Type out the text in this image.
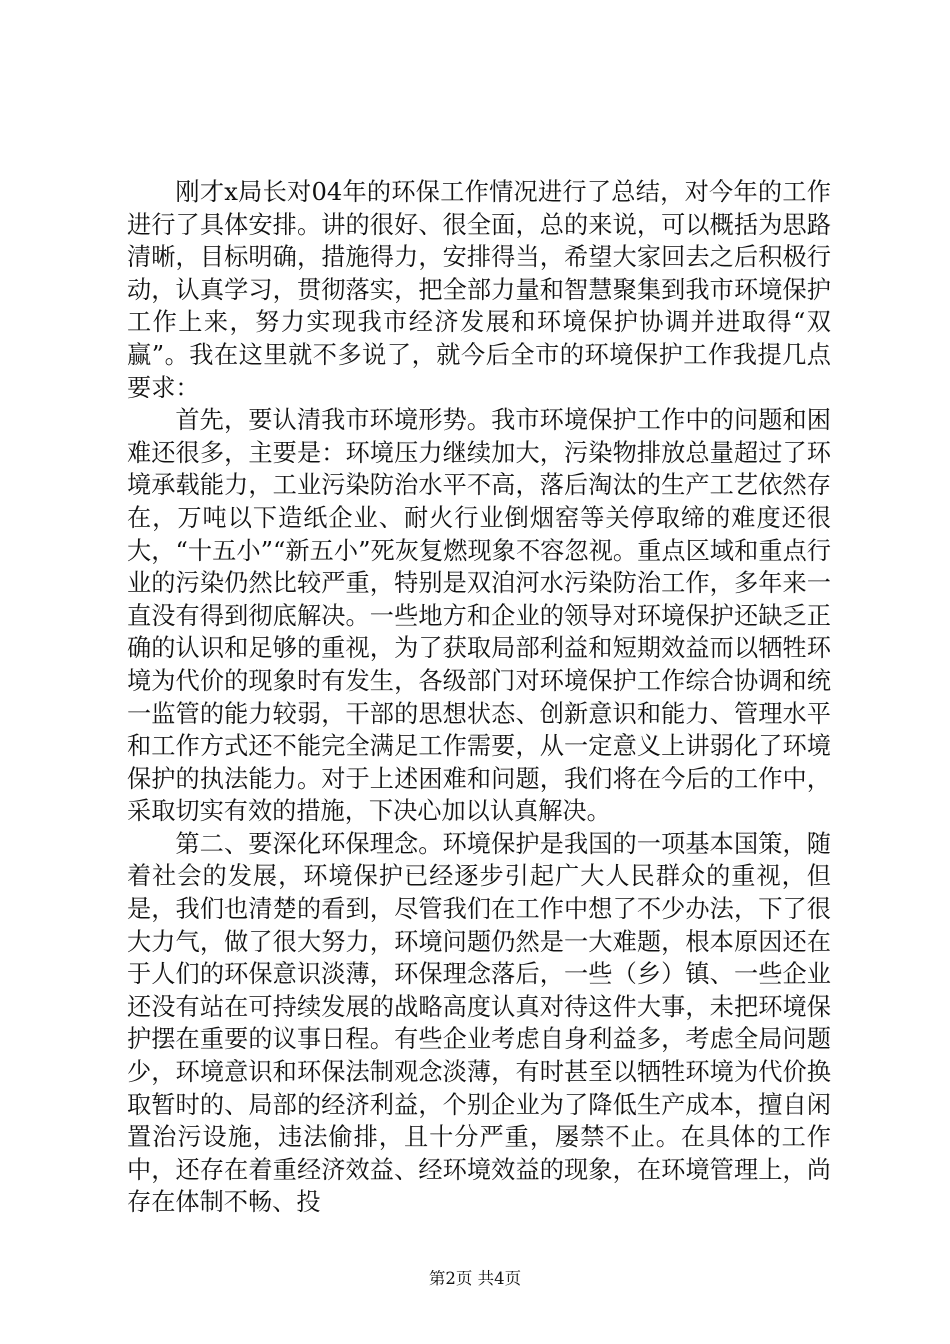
刚才x局长对04年的环保工作情况进行了总结，对今年的工作进行了具体安排。讲的很好、很全面，总的来说，可以概括为思路清晰，目标明确，措施得力，安排得当，希望大家回去之后积极行动，认真学习，贯彻落实，把全部力量和智慧聚集到我市环境保护工作上来，努力实现我市经济发展和环境保护协调并进取得“双赢”。我在这里就不多说了，就今后全市的环境保护工作我提几点要求：

首先，要认清我市环境形势。我市环境保护工作中的问题和困难还很多，主要是：环境压力继续加大，污染物排放总量超过了环境承载能力，工业污染防治水平不高，落后淘汰的生产工艺依然存在，万吨以下造纸企业、耐火行业倒烟窑等关停取缔的难度还很大，“十五小”“新五小”死灰复燃现象不容忽视。重点区域和重点行业的污染仍然比较严重，特别是双洎河水污染防治工作，多年来一直没有得到彻底解决。一些地方和企业的领导对环境保护还缺乏正确的认识和足够的重视，为了获取局部利益和短期效益而以牺牲环境为代价的现象时有发生，各级部门对环境保护工作综合协调和统一监管的能力较弱，干部的思想状态、创新意识和能力、管理水平和工作方式还不能完全满足工作需要，从一定意义上讲弱化了环境保护的执法能力。对于上述困难和问题，我们将在今后的工作中，采取切实有效的措施，下决心加以认真解决。

第二、要深化环保理念。环境保护是我国的一项基本国策，随着社会的发展，环境保护已经逐步引起广大人民群众的重视，但是，我们也清楚的看到，尽管我们在工作中想了不少办法，下了很大力气，做了很大努力，环境问题仍然是一大难题，根本原因还在于人们的环保意识淡薄，环保理念落后，一些（乡）镇、一些企业还没有站在可持续发展的战略高度认真对待这件大事，未把环境保护摆在重要的议事日程。有些企业考虑自身利益多，考虑全局问题少，环境意识和环保法制观念淡薄，有时甚至以牺牲环境为代价换取暂时的、局部的经济利益，个别企业为了降低生产成本，擅自闲置治污设施，违法偷排，且十分严重，屡禁不止。在具体的工作中，还存在着重经济效益、经环境效益的现象，在环境管理上，尚存在体制不畅、投

第2页 共4页
